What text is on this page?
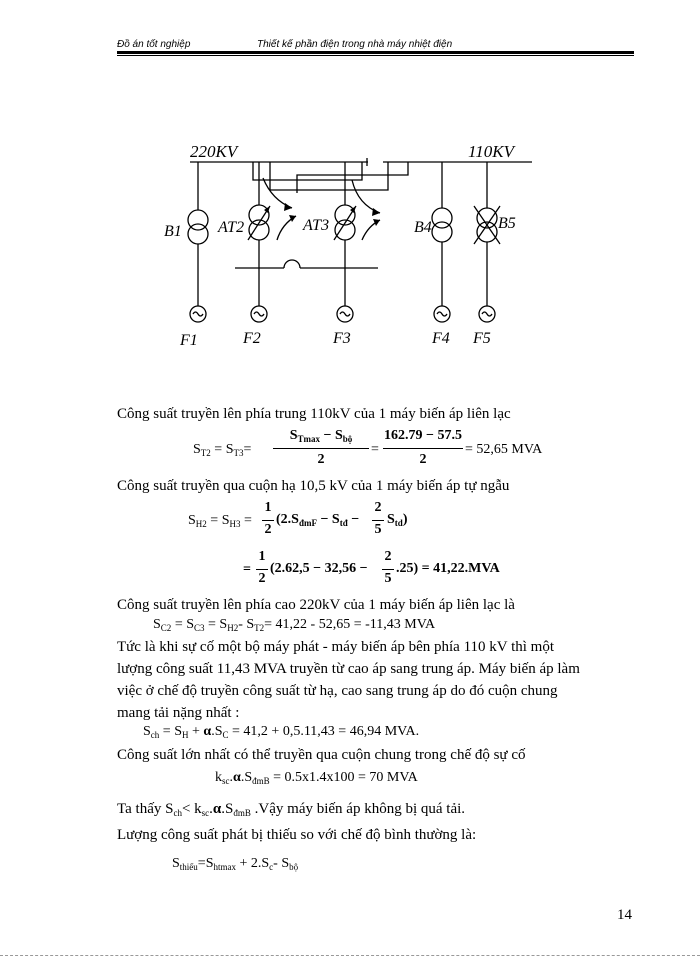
Đồ án tốt nghiệp	Thiết kế phần điện trong nhà máy nhiệt điện
220KV	110KV
B1 AT2	AT3	B4	B5
F1	F2	F3	F4 F5
Công suất truyền lên phía trung 110kV của 1 máy biến áp liên lạc
$S_{T2} = S_{T3}=$
$S_{Tmax} - S_{bộ}$
2
=
162.79 − 57.5
2
= 52,65 MVA
Công suất truyền qua cuộn hạ 10,5 kV của 1 máy biến áp tự ngẫu
$S_{H2} = S_{H3}$ =
1
2
($2.S_{đmF} - S_{tđ}$ −
2
5
$S_{td}$)
=
1
2
(2.62,5 − 32,56 −
2
5
.25) = 41,22.MVA
Công suất truyền lên phía cao 220kV của 1 máy biến áp liên lạc là
$S_{C2} = S_{C3} = S_{H2}-$ $S_{T2}= 41,22 - 52,65 = -11,43$ MVA
Tức là khi sự cố một bộ máy phát - máy biến áp bên phía 110 kV thì một
lượng công suất 11,43 MVA truyền từ cao áp sang trung áp. Máy biến áp làm
việc ở chế độ truyền công suất từ hạ, cao sang trung áp do đó cuộn chung
mang tải nặng nhất :
$S_{ch} = S_H + \alpha.S_C = 41,2 + 0,5.11,43 = 46,94$ MVA.
Công suất lớn nhất có thể truyền qua cuộn chung trong chế độ sự cố
$k_{sc}.\alpha.S_{đmB} = 0.5x1.4x100 = 70$ MVA
Ta thấy $S_{ch}< k_{sc}.\alpha.S_{đmB}$ .Vậy máy biến áp không bị quá tải.
Lượng công suất phát bị thiếu so với chế độ bình thường là:
$S_{thiếu}=S_{htmax} + 2.S_c-$ $S_{bộ}$
14
